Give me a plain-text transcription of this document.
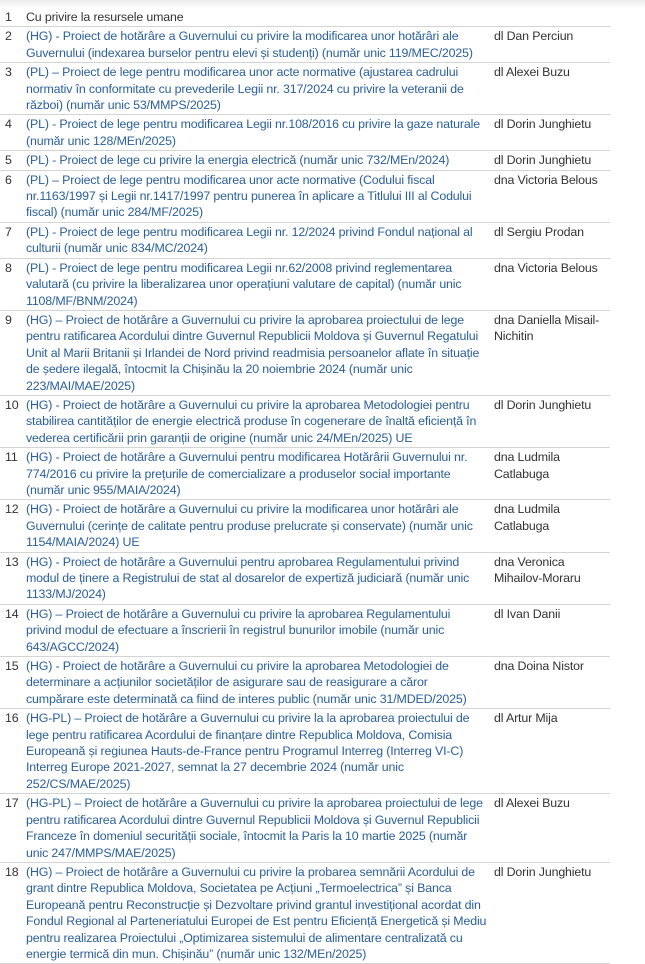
1	Cu privire la resursele umane	
2	(HG) - Proiect de hotărâre a Guvernului cu privire la modificarea unor hotărâri ale Guvernului (indexarea burselor pentru elevi și studenți) (număr unic 119/MEC/2025)	dl Dan Perciun
3	(PL) – Proiect de lege pentru modificarea unor acte normative (ajustarea cadrului normativ în conformitate cu prevederile Legii nr. 317/2024 cu privire la veteranii de război) (număr unic 53/MMPS/2025)	dl Alexei Buzu
4	(PL) - Proiect de lege pentru modificarea Legii nr.108/2016 cu privire la gaze naturale (număr unic 128/MEn/2025)	dl Dorin Junghietu
5	(PL) - Proiect de lege cu privire la energia electrică (număr unic 732/MEn/2024)	dl Dorin Junghietu
6	(PL) – Proiect de lege pentru modificarea unor acte normative (Codului fiscal nr.1163/1997 și Legii nr.1417/1997 pentru punerea în aplicare a Titlului III al Codului fiscal) (număr unic 284/MF/2025)	dna Victoria Belous
7	(PL) - Proiect de lege pentru modificarea Legii nr. 12/2024 privind Fondul național al culturii (număr unic 834/MC/2024)	dl Sergiu Prodan
8	(PL) - Proiect de lege pentru modificarea Legii nr.62/2008 privind reglementarea valutară (cu privire la liberalizarea unor operațiuni valutare de capital) (număr unic 1108/MF/BNM/2024)	dna Victoria Belous
9	(HG) – Proiect de hotărâre a Guvernului cu privire la aprobarea proiectului de lege pentru ratificarea Acordului dintre Guvernul Republicii Moldova și Guvernul Regatului Unit al Marii Britanii și Irlandei de Nord privind readmisia persoanelor aflate în situație de ședere ilegală, întocmit la Chișinău la 20 noiembrie 2024 (număr unic 223/MAI/MAE/2025)	dna Daniella Misail-Nichitin
10	(HG) - Proiect de hotărâre a Guvernului cu privire la aprobarea Metodologiei pentru stabilirea cantităților de energie electrică produse în cogenerare de înaltă eficiență în vederea certificării prin garanții de origine (număr unic 24/MEn/2025) UE	dl Dorin Junghietu
11	(HG) - Proiect de hotărâre a Guvernului pentru modificarea Hotărârii Guvernului nr. 774/2016 cu privire la prețurile de comercializare a produselor social importante (număr unic 955/MAIA/2024)	dna Ludmila Catlabuga
12	(HG) - Proiect de hotărâre a Guvernului cu privire la modificarea unor hotărâri ale Guvernului (cerințe de calitate pentru produse prelucrate și conservate) (număr unic 1154/MAIA/2024) UE	dna Ludmila Catlabuga
13	(HG) - Proiect de hotărâre a Guvernului pentru aprobarea Regulamentului privind modul de ținere a Registrului de stat al dosarelor de expertiză judiciară (număr unic 1133/MJ/2024)	dna Veronica Mihailov-Moraru
14	(HG) – Proiect de hotărâre a Guvernului cu privire la aprobarea Regulamentului privind modul de efectuare a înscrierii în registrul bunurilor imobile (număr unic 643/AGCC/2024)	dl Ivan Danii
15	(HG) - Proiect de hotărâre a Guvernului cu privire la aprobarea Metodologiei de determinare a acțiunilor societăților de asigurare sau de reasigurare a căror cumpărare este determinată ca fiind de interes public (număr unic 31/MDED/2025)	dna Doina Nistor
16	(HG-PL) – Proiect de hotărâre a Guvernului cu privire la la aprobarea proiectului de lege pentru ratificarea Acordului de finanțare dintre Republica Moldova, Comisia Europeană și regiunea Hauts-de-France pentru Programul Interreg (Interreg VI-C) Interreg Europe 2021-2027, semnat la 27 decembrie 2024 (număr unic 252/CS/MAE/2025)	dl Artur Mija
17	(HG-PL) – Proiect de hotărâre a Guvernului cu privire la aprobarea proiectului de lege pentru ratificarea Acordului dintre Guvernul Republicii Moldova și Guvernul Republicii Franceze în domeniul securității sociale, întocmit la Paris la 10 martie 2025 (număr unic 247/MMPS/MAE/2025)	dl Alexei Buzu
18	(HG) – Proiect de hotărâre a Guvernului cu privire la probarea semnării Acordului de grant dintre Republica Moldova, Societatea pe Acțiuni „Termoelectrica” și Banca Europeană pentru Reconstrucție și Dezvoltare privind grantul investițional acordat din Fondul Regional al Parteneriatului Europei de Est pentru Eficiență Energetică și Mediu pentru realizarea Proiectului „Optimizarea sistemului de alimentare centralizată cu energie termică din mun. Chișinău” (număr unic 132/MEn/2025)	dl Dorin Junghietu
